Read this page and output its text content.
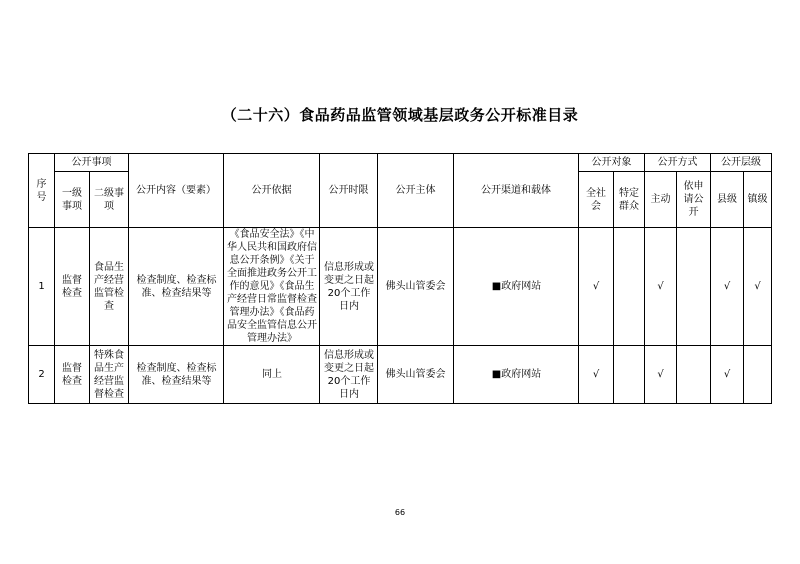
（二十六）食品药品监管领域基层政务公开标准目录
序号	公开事项		公开内容（要素）	公开依据	公开时限	公开主体	公开渠道和载体	公开对象		公开方式		公开层级	
	一级事项	二级事项						全社会	特定群众	主动	依申请公开	县级	镇级
1	监督检查	食品生产经营监管检查	检查制度、检查标准、检查结果等	《食品安全法》《中华人民共和国政府信息公开条例》《关于全面推进政务公开工作的意见》《食品生产经营日常监督检查管理办法》《食品药品安全监管信息公开管理办法》	信息形成或变更之日起20个工作日内	佛头山管委会	■政府网站	√		√		√	√
2	监督检查	特殊食品生产经营监督检查	检查制度、检查标准、检查结果等	同上	信息形成或变更之日起20个工作日内	佛头山管委会	■政府网站	√		√		√	
66
